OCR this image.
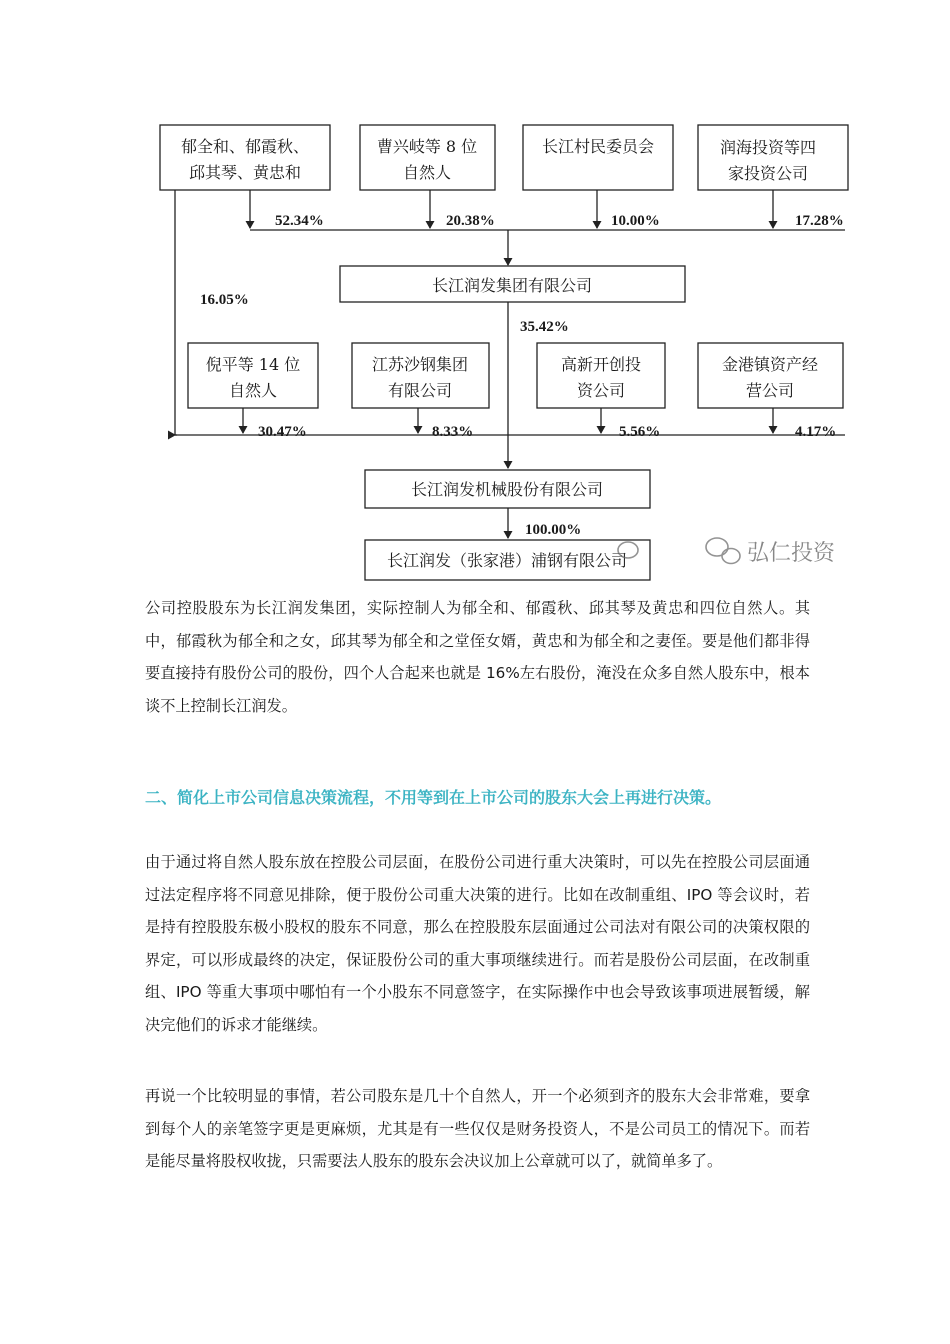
郁全和、郁霞秋、
邱其琴、黄忠和
曹兴岐等 8 位
自然人
长江村民委员会	润海投资等四
家投资公司
52.34%	20.38%	10.00%	17.28%
长江润发集团有限公司
16.05%
35.42%
倪平等 14 位
自然人
江苏沙钢集团
有限公司
高新开创投
资公司
金港镇资产经
营公司
30.47%	8.33%	5.56%	4.17%
长江润发机械股份有限公司
100.00%
长江润发（张家港）浦钢有限公司	弘仁投资

公司控股股东为长江润发集团，实际控制人为郁全和、郁霞秋、邱其琴及黄忠和四位自然人。其中，郁霞秋为郁全和之女，邱其琴为郁全和之堂侄女婿，黄忠和为郁全和之妻侄。要是他们都非得要直接持有股份公司的股份，四个人合起来也就是 16%左右股份，淹没在众多自然人股东中，根本谈不上控制长江润发。

二、简化上市公司信息决策流程，不用等到在上市公司的股东大会上再进行决策。

由于通过将自然人股东放在控股公司层面，在股份公司进行重大决策时，可以先在控股公司层面通过法定程序将不同意见排除，便于股份公司重大决策的进行。比如在改制重组、IPO 等会议时，若是持有控股股东极小股权的股东不同意，那么在控股股东层面通过公司法对有限公司的决策权限的界定，可以形成最终的决定，保证股份公司的重大事项继续进行。而若是股份公司层面，在改制重组、IPO 等重大事项中哪怕有一个小股东不同意签字，在实际操作中也会导致该事项进展暂缓，解决完他们的诉求才能继续。

再说一个比较明显的事情，若公司股东是几十个自然人，开一个必须到齐的股东大会非常难，要拿到每个人的亲笔签字更是更麻烦，尤其是有一些仅仅是财务投资人，不是公司员工的情况下。而若是能尽量将股权收拢，只需要法人股东的股东会决议加上公章就可以了，就简单多了。
